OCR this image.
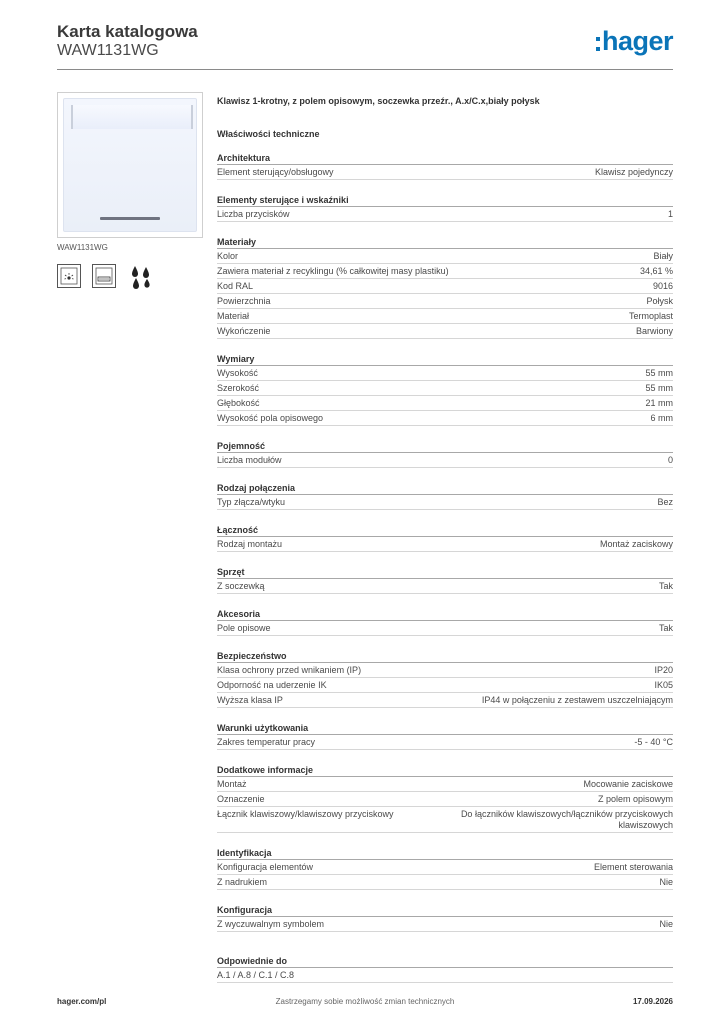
Karta katalogowa
WAW1131WG	hager
WAW1131WG
Klawisz 1-krotny, z polem opisowym, soczewka przeźr., A.x/C.x,biały połysk
Właściwości techniczne
Architektura
Element sterujący/obsługowy	Klawisz pojedynczy
Elementy sterujące i wskaźniki
Liczba przycisków	1
Materiały
Kolor	Biały
Zawiera materiał z recyklingu (% całkowitej masy plastiku)	34,61 %
Kod RAL	9016
Powierzchnia	Połysk
Materiał	Termoplast
Wykończenie	Barwiony
Wymiary
Wysokość	55 mm
Szerokość	55 mm
Głębokość	21 mm
Wysokość pola opisowego	6 mm
Pojemność
Liczba modułów	0
Rodzaj połączenia
Typ złącza/wtyku	Bez
Łączność
Rodzaj montażu	Montaż zaciskowy
Sprzęt
Z soczewką	Tak
Akcesoria
Pole opisowe	Tak
Bezpieczeństwo
Klasa ochrony przed wnikaniem (IP)	IP20
Odporność na uderzenie IK	IK05
Wyższa klasa IP	IP44 w połączeniu z zestawem uszczelniającym
Warunki użytkowania
Zakres temperatur pracy	-5 - 40 °C
Dodatkowe informacje
Montaż	Mocowanie zaciskowe
Oznaczenie	Z polem opisowym
Łącznik klawiszowy/klawiszowy przyciskowy	Do łączników klawiszowych/łączników przyciskowych klawiszowych
Identyfikacja
Konfiguracja elementów	Element sterowania
Z nadrukiem	Nie
Konfiguracja
Z wyczuwalnym symbolem	Nie
Odpowiednie do
A.1 / A.8 / C.1 / C.8
hager.com/pl	Zastrzegamy sobie możliwość zmian technicznych	17.09.2026
